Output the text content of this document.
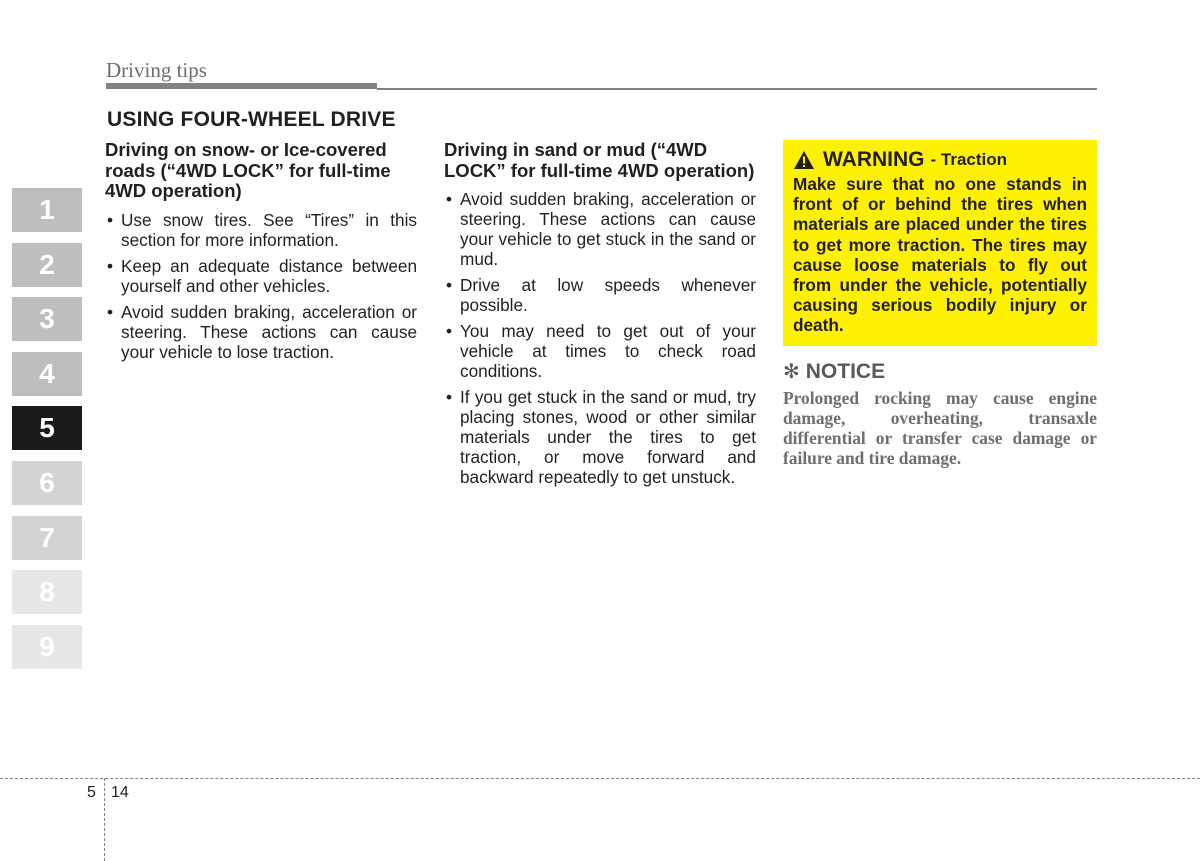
Driving tips
USING FOUR-WHEEL DRIVE
1
2
3
4
5
6
7
8
9
Driving on snow- or Ice-covered roads (“4WD LOCK” for full-time 4WD operation)
• Use snow tires. See “Tires” in this section for more information.
• Keep an adequate distance between yourself and other vehicles.
• Avoid sudden braking, acceleration or steering. These actions can cause your vehicle to lose traction.
Driving in sand or mud (“4WD LOCK” for full-time 4WD operation)
• Avoid sudden braking, acceleration or steering. These actions can cause your vehicle to get stuck in the sand or mud.
• Drive at low speeds whenever possible.
• You may need to get out of your vehicle at times to check road conditions.
• If you get stuck in the sand or mud, try placing stones, wood or other similar materials under the tires to get traction, or move forward and backward repeatedly to get unstuck.
WARNING - Traction
Make sure that no one stands in front of or behind the tires when materials are placed under the tires to get more traction. The tires may cause loose materials to fly out from under the vehicle, potentially causing serious bodily injury or death.
✻ NOTICE
Prolonged rocking may cause engine damage, overheating, transaxle differential or transfer case damage or failure and tire damage.
5 14
